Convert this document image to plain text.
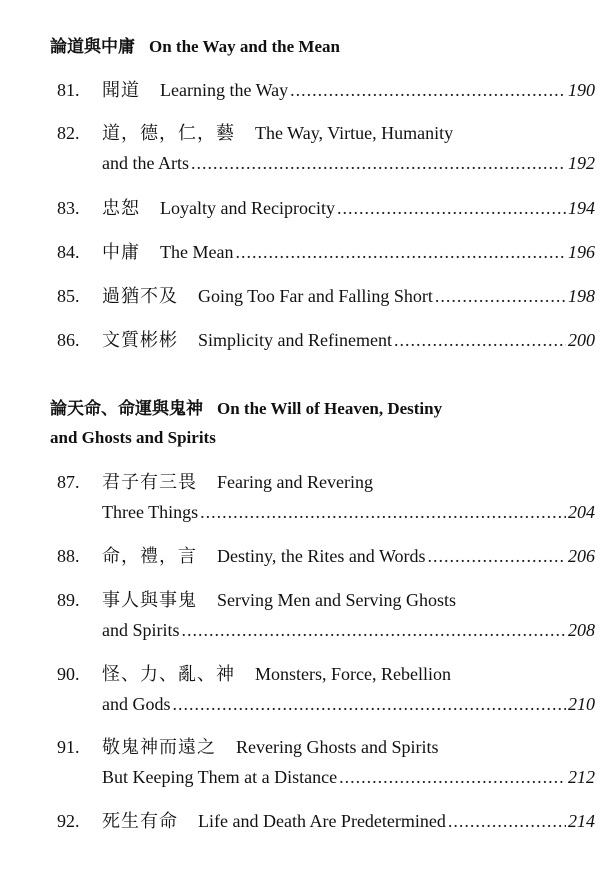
論道與中庸 On the Way and the Mean
81.	聞道 Learning the Way .....	190
82.	道，德，仁，藝 The Way, Virtue, Humanity
and the Arts .....	192
83.	忠恕 Loyalty and Reciprocity .....	194
84.	中庸 The Mean .....	196
85.	過猶不及 Going Too Far and Falling Short .....	198
86.	文質彬彬 Simplicity and Refinement .....	200
論天命、命運與鬼神 On the Will of Heaven, Destiny
and Ghosts and Spirits
87.	君子有三畏 Fearing and Revering
Three Things .....	204
88.	命，禮，言 Destiny, the Rites and Words .....	206
89.	事人與事鬼 Serving Men and Serving Ghosts
and Spirits .....	208
90.	怪、力、亂、神 Monsters, Force, Rebellion
and Gods .....	210
91.	敬鬼神而遠之 Revering Ghosts and Spirits
But Keeping Them at a Distance .....	212
92.	死生有命 Life and Death Are Predetermined .....	214
